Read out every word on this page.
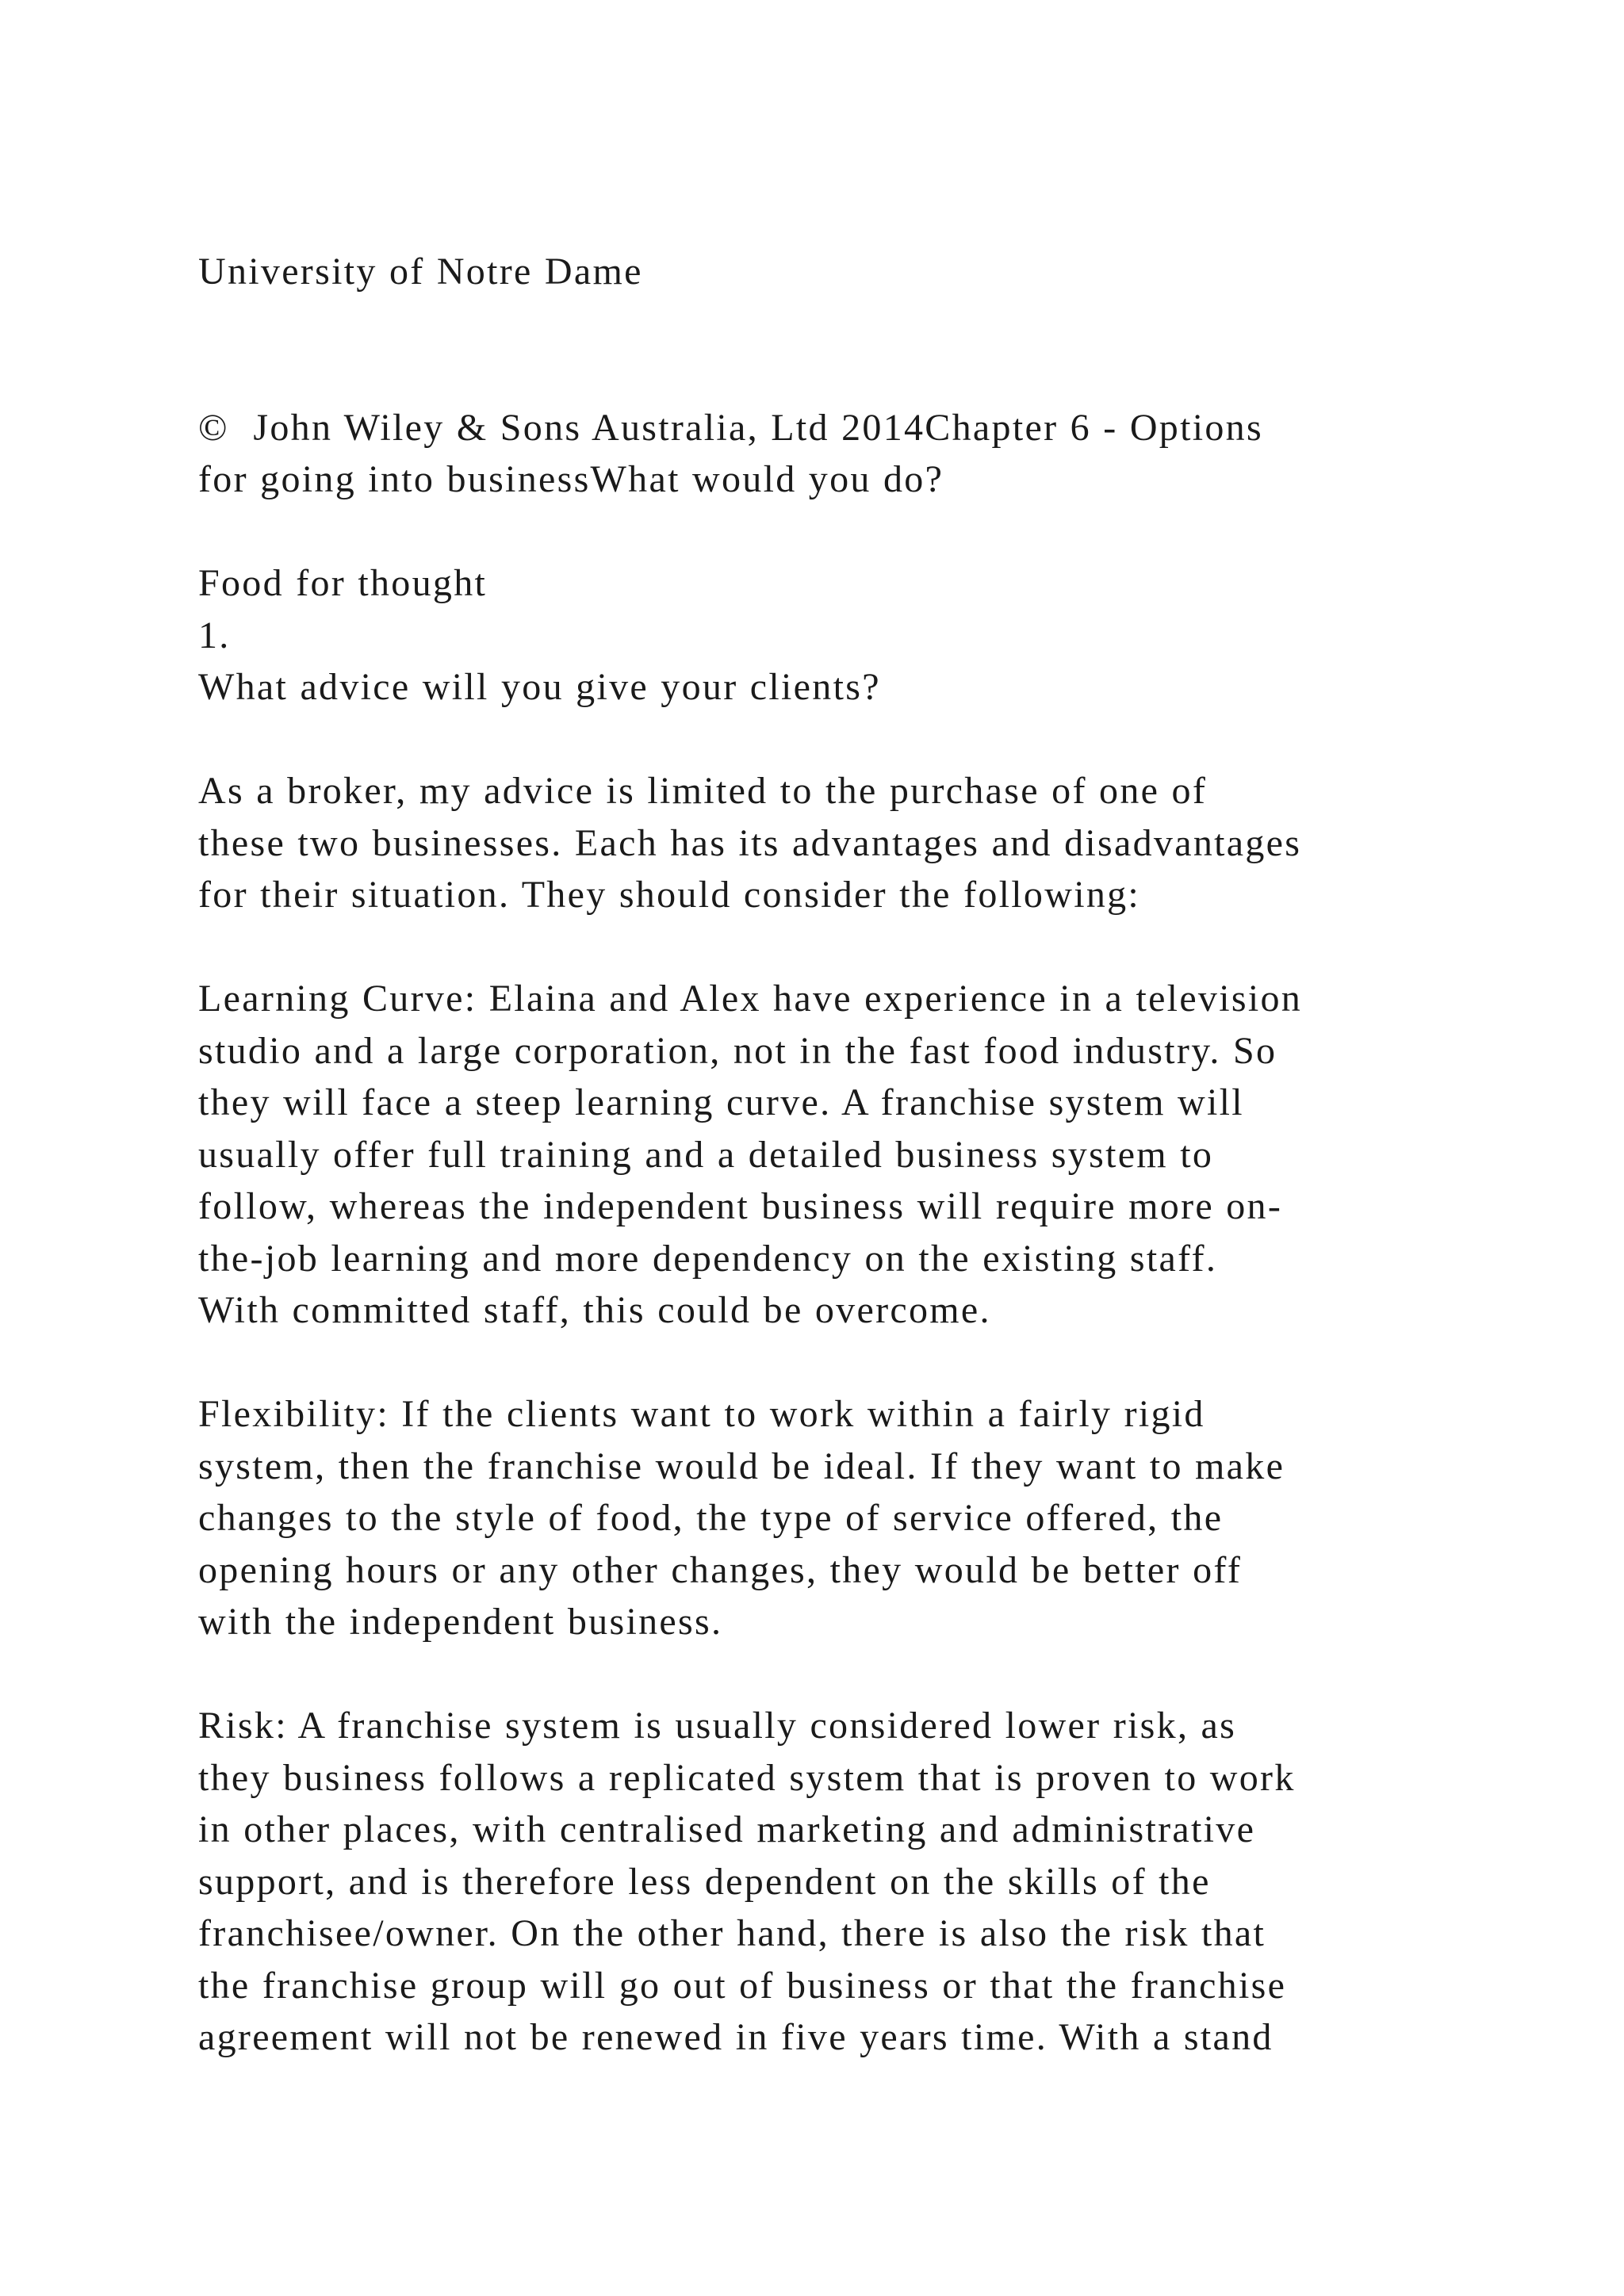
University of Notre Dame
©  John Wiley & Sons Australia, Ltd 2014Chapter 6 - Options
for going into businessWhat would you do?
Food for thought
1.
What advice will you give your clients?
As a broker, my advice is limited to the purchase of one of
these two businesses. Each has its advantages and disadvantages
for their situation. They should consider the following:
Learning Curve: Elaina and Alex have experience in a television
studio and a large corporation, not in the fast food industry. So
they will face a steep learning curve. A franchise system will
usually offer full training and a detailed business system to
follow, whereas the independent business will require more on-
the-job learning and more dependency on the existing staff.
With committed staff, this could be overcome.
Flexibility: If the clients want to work within a fairly rigid
system, then the franchise would be ideal. If they want to make
changes to the style of food, the type of service offered, the
opening hours or any other changes, they would be better off
with the independent business.
Risk: A franchise system is usually considered lower risk, as
they business follows a replicated system that is proven to work
in other places, with centralised marketing and administrative
support, and is therefore less dependent on the skills of the
franchisee/owner. On the other hand, there is also the risk that
the franchise group will go out of business or that the franchise
agreement will not be renewed in five years time. With a stand
